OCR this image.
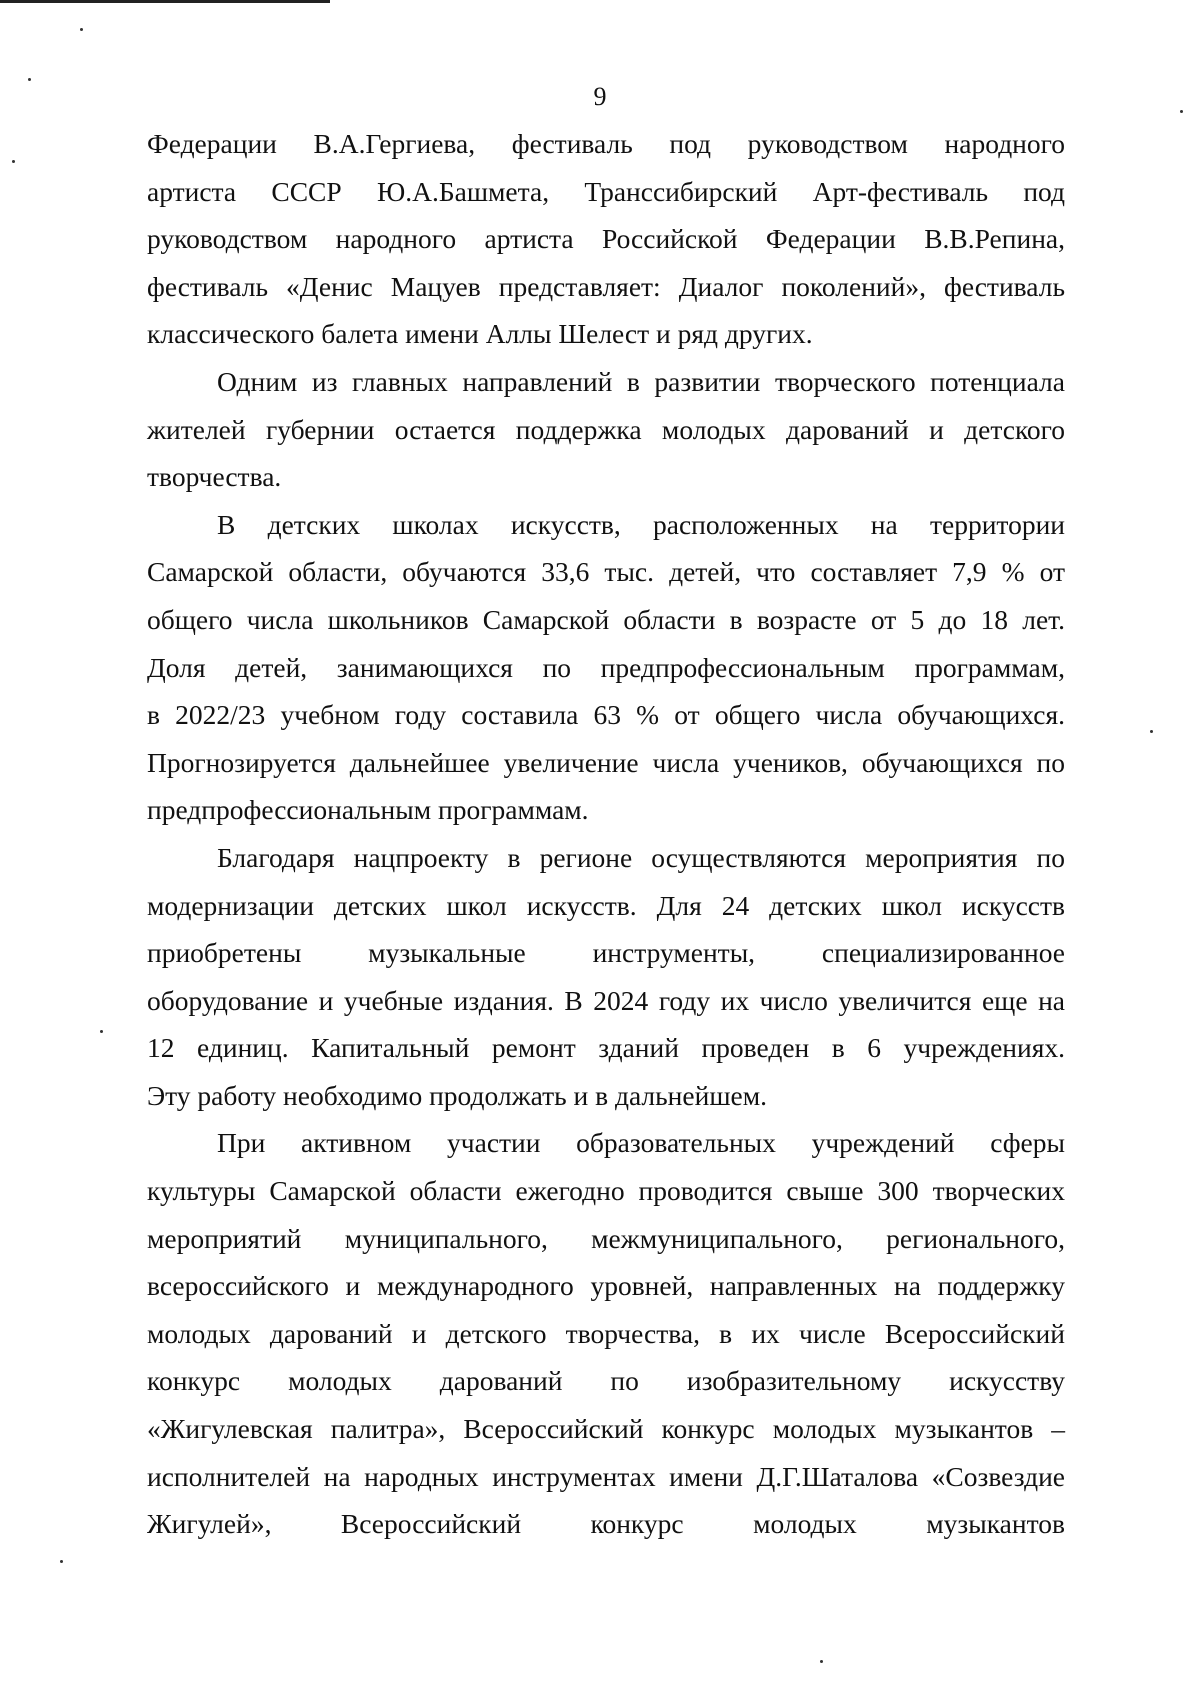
9

Федерации В.А.Гергиева, фестиваль под руководством народного
артиста СССР Ю.А.Башмета, Транссибирский Арт-фестиваль под
руководством народного артиста Российской Федерации В.В.Репина,
фестиваль «Денис Мацуев представляет: Диалог поколений», фестиваль
классического балета имени Аллы Шелест и ряд других.

Одним из главных направлений в развитии творческого потенциала
жителей губернии остается поддержка молодых дарований и детского
творчества.

В детских школах искусств, расположенных на территории
Самарской области, обучаются 33,6 тыс. детей, что составляет 7,9 % от
общего числа школьников Самарской области в возрасте от 5 до 18 лет.
Доля детей, занимающихся по предпрофессиональным программам,
в 2022/23 учебном году составила 63 % от общего числа обучающихся.
Прогнозируется дальнейшее увеличение числа учеников, обучающихся по
предпрофессиональным программам.

Благодаря нацпроекту в регионе осуществляются мероприятия по
модернизации детских школ искусств. Для 24 детских школ искусств
приобретены музыкальные инструменты, специализированное
оборудование и учебные издания. В 2024 году их число увеличится еще на
12 единиц. Капитальный ремонт зданий проведен в 6 учреждениях.
Эту работу необходимо продолжать и в дальнейшем.

При активном участии образовательных учреждений сферы
культуры Самарской области ежегодно проводится свыше 300 творческих
мероприятий муниципального, межмуниципального, регионального,
всероссийского и международного уровней, направленных на поддержку
молодых дарований и детского творчества, в их числе Всероссийский
конкурс молодых дарований по изобразительному искусству
«Жигулевская палитра», Всероссийский конкурс молодых музыкантов –
исполнителей на народных инструментах имени Д.Г.Шаталова «Созвездие
Жигулей», Всероссийский конкурс молодых музыкантов
